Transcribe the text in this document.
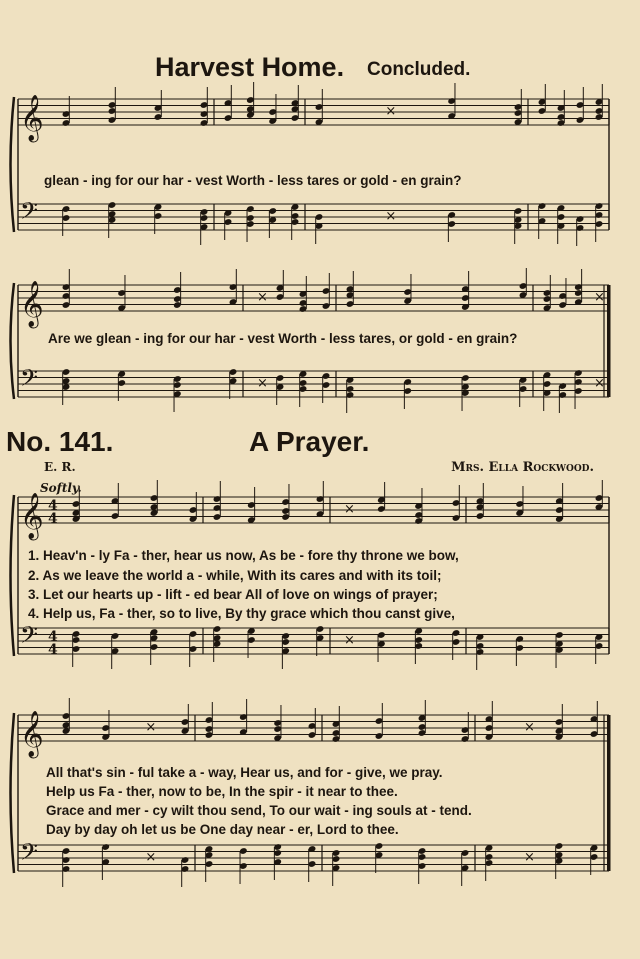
Harvest Home. Concluded.
𝄞
𝄢
×
×
𝄞
𝄢
×
×
×
×
𝄞
𝄢
4
4
4
4
×
×
𝄞
𝄢
×
×
×
×
glean - ing for our har - vest Worth - less tares or gold - en grain?
Are we glean - ing for our har - vest Worth - less tares, or gold - en grain?
No. 141.	A Prayer.
E. R.	Mrs. Ella Rockwood.
Softly.
1. Heav'n - ly Fa - ther, hear us now, As be - fore thy throne we bow,
2. As we leave the world a - while, With its cares and with its toil;
3. Let our hearts up - lift - ed bear All of love on wings of prayer;
4. Help us, Fa - ther, so to live, By thy grace which thou canst give,
All that's sin - ful take a - way, Hear us, and for - give, we pray.
Help us Fa - ther, now to be, In the spir - it near to thee.
Grace and mer - cy wilt thou send, To our wait - ing souls at - tend.
Day by day oh let us be One day near - er, Lord to thee.
